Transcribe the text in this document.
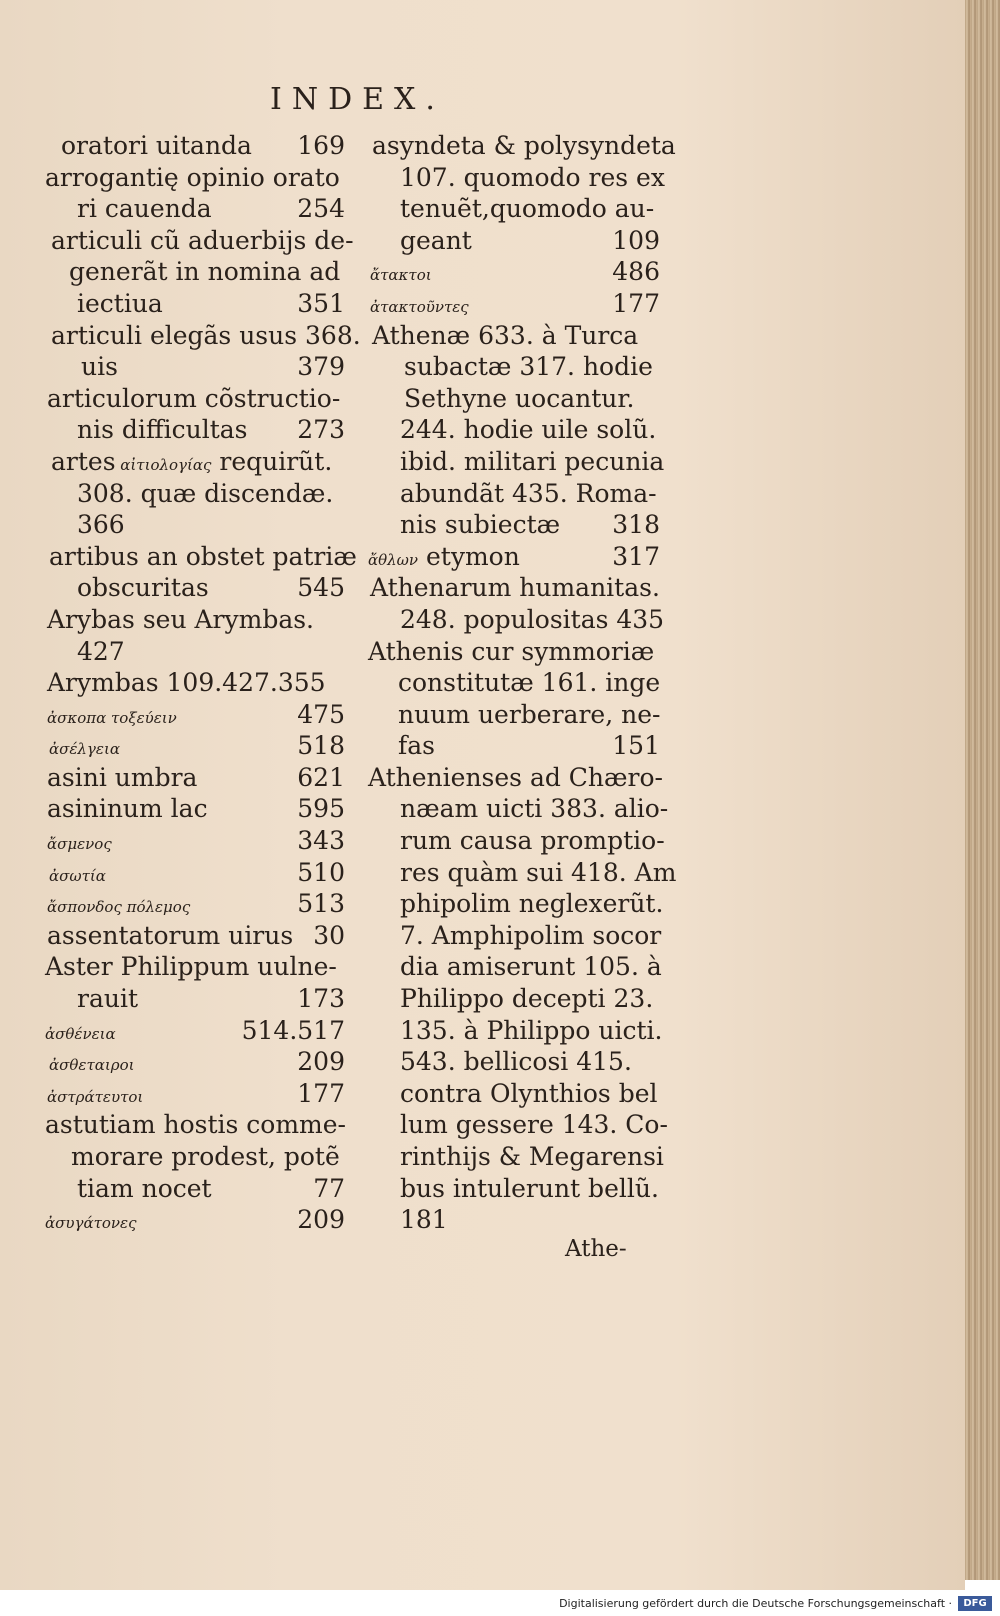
INDEX.
oratori uitanda 169
arrogantię opinio orato
ri cauenda	254
articuli cũ aduerbijs de-
generãt in nomina ad
iectiua	351
articuli elegãs usus 368.
uis	379
articulorum cõstructio-
nis difficultas 273
artes αἰτιολογίας requirũt.
308. quæ discendæ.
366
artibus an obstet patriæ
obscuritas	545
Arybas seu Arymbas.
427
Arymbas 109.427.355
ἀσκοπα τοξεύειν	475
ἀσέλγεια	518
asini umbra	621
asininum lac	595
ἄσμενος	343
ἀσωτία	510
ἄσπονδος πόλεμος	513
assentatorum uirus 30
Aster Philippum uulne-
rauit	173
ἀσθένεια	514.517
ἀσθεταιροι	209
ἀστράτευτοι	177
astutiam hostis comme-
morare prodest, potẽ
tiam nocet	77
ἀσυγάτονες	209
asyndeta & polysyndeta
107. quomodo res ex
tenuẽt,quomodo au-
geant	109
ἄτακτοι	486
ἀτακτοῦντες	177
Athenæ 633. à Turca
subactæ 317. hodie
Sethyne uocantur.
244. hodie uile solũ.
ibid. militari pecunia
abundãt 435. Roma-
nis subiectæ 318
ἄθλων etymon	317
Athenarum humanitas.
248. populositas 435
Athenis cur symmoriæ
constitutæ 161. inge
nuum uerberare, ne-
fas	151
Athenienses ad Chæro-
næam uicti 383. alio-
rum causa promptio-
res quàm sui 418. Am
phipolim neglexerũt.
7. Amphipolim socor
dia amiserunt 105. à
Philippo decepti 23.
135. à Philippo uicti.
543. bellicosi 415.
contra Olynthios bel
lum gessere 143. Co-
rinthijs & Megarensi
bus intulerunt bellũ.
181
Athe-
Digitalisierung gefördert durch die Deutsche Forschungsgemeinschaft ·	DFG
